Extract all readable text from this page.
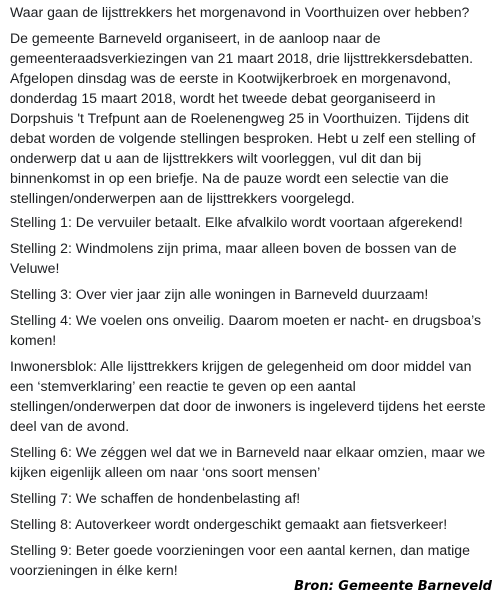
Waar gaan de lijsttrekkers het morgenavond in Voorthuizen over hebben?

De gemeente Barneveld organiseert, in de aanloop naar de gemeenteraadsverkiezingen van 21 maart 2018, drie lijsttrekkersdebatten. Afgelopen dinsdag was de eerste in Kootwijkerbroek en morgenavond, donderdag 15 maart 2018, wordt het tweede debat georganiseerd in Dorpshuis 't Trefpunt aan de Roelenengweg 25 in Voorthuizen. Tijdens dit debat worden de volgende stellingen besproken. Hebt u zelf een stelling of onderwerp dat u aan de lijsttrekkers wilt voorleggen, vul dit dan bij binnenkomst in op een briefje. Na de pauze wordt een selectie van die stellingen/onderwerpen aan de lijsttrekkers voorgelegd.

Stelling 1: De vervuiler betaalt. Elke afvalkilo wordt voortaan afgerekend!

Stelling 2: Windmolens zijn prima, maar alleen boven de bossen van de Veluwe!

Stelling 3: Over vier jaar zijn alle woningen in Barneveld duurzaam!

Stelling 4: We voelen ons onveilig. Daarom moeten er nacht- en drugsboa’s komen!

Inwonersblok: Alle lijsttrekkers krijgen de gelegenheid om door middel van een ‘stemverklaring’ een reactie te geven op een aantal stellingen/onderwerpen dat door de inwoners is ingeleverd tijdens het eerste deel van de avond.

Stelling 6: We zéggen wel dat we in Barneveld naar elkaar omzien, maar we kijken eigenlijk alleen om naar ‘ons soort mensen’

Stelling 7: We schaffen de hondenbelasting af!

Stelling 8: Autoverkeer wordt ondergeschikt gemaakt aan fietsverkeer!

Stelling 9: Beter goede voorzieningen voor een aantal kernen, dan matige voorzieningen in élke kern!

Bron: Gemeente Barneveld
